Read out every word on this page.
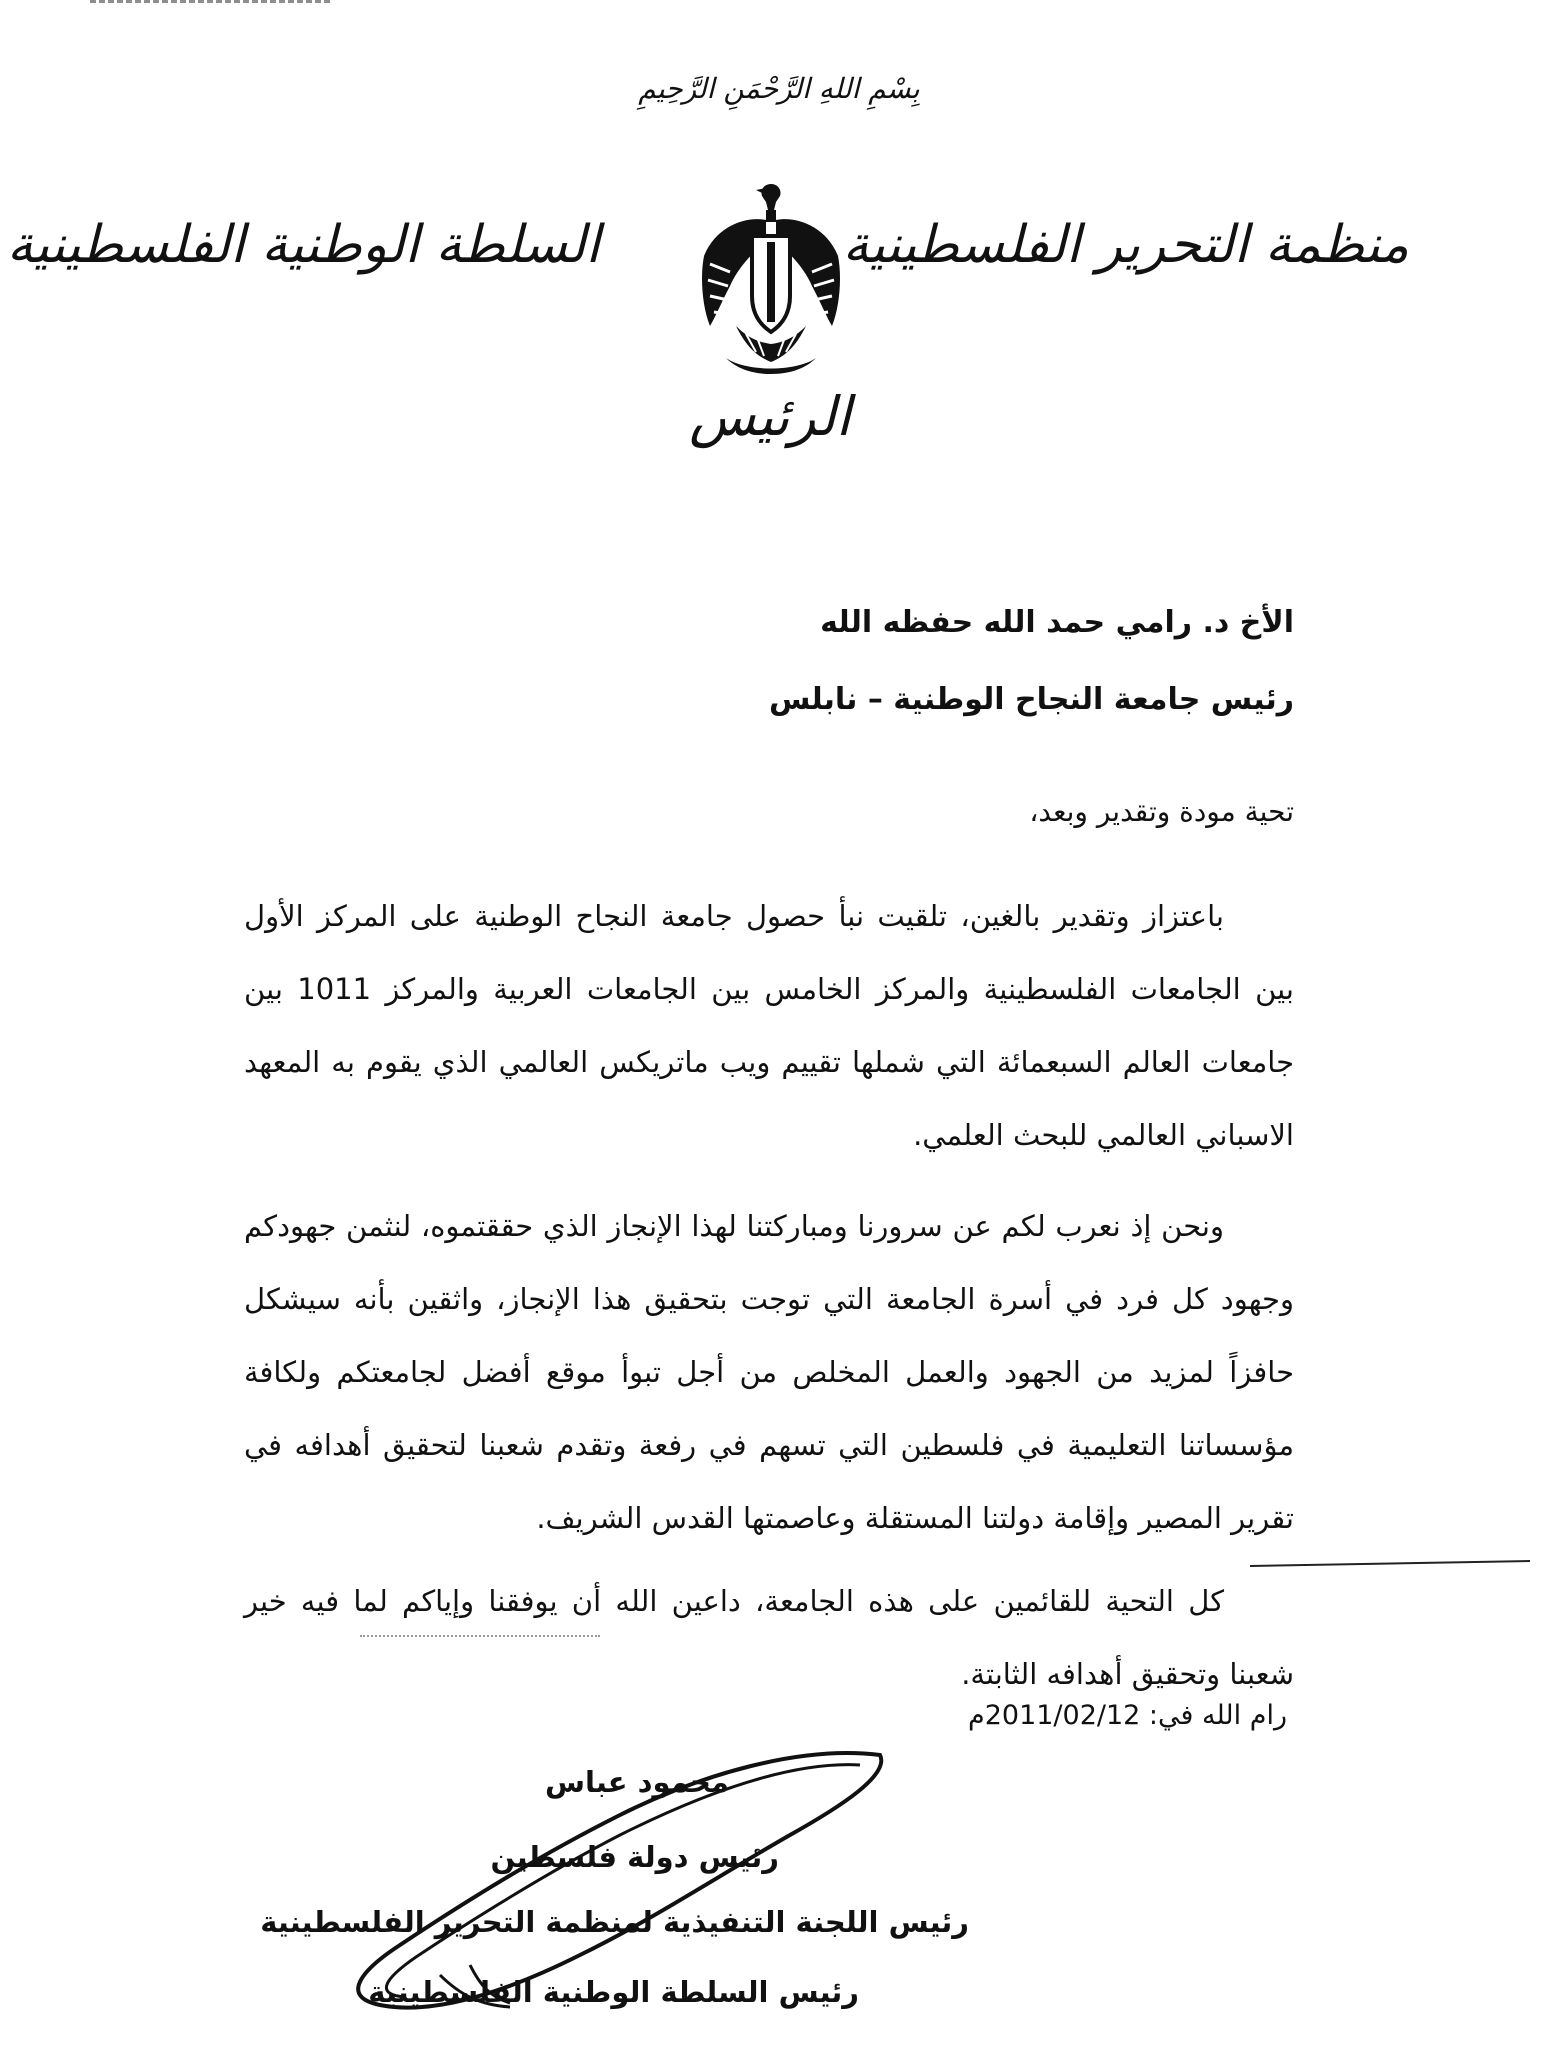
بِسْمِ اللهِ الرَّحْمَنِ الرَّحِيمِ
منظمة التحرير الفلسطينية
السلطة الوطنية الفلسطينية
الرئيس
الأخ د. رامي حمد الله حفظه الله
رئيس جامعة النجاح الوطنية – نابلس
تحية مودة وتقدير وبعد،
باعتزاز وتقدير بالغين، تلقيت نبأ حصول جامعة النجاح الوطنية على المركز الأول بين الجامعات الفلسطينية والمركز الخامس بين الجامعات العربية والمركز 1011 بين جامعات العالم السبعمائة التي شملها تقييم ويب ماتريكس العالمي الذي يقوم به المعهد الاسباني العالمي للبحث العلمي.
ونحن إذ نعرب لكم عن سرورنا ومباركتنا لهذا الإنجاز الذي حققتموه، لنثمن جهودكم وجهود كل فرد في أسرة الجامعة التي توجت بتحقيق هذا الإنجاز، واثقين بأنه سيشكل حافزاً لمزيد من الجهود والعمل المخلص من أجل تبوأ موقع أفضل لجامعتكم ولكافة مؤسساتنا التعليمية في فلسطين التي تسهم في رفعة وتقدم شعبنا لتحقيق أهدافه في تقرير المصير وإقامة دولتنا المستقلة وعاصمتها القدس الشريف.
كل التحية للقائمين على هذه الجامعة، داعين الله أن يوفقنا وإياكم لما فيه خير شعبنا وتحقيق أهدافه الثابتة.
رام الله في: 2011/02/12م
محمود عباس
رئيس دولة فلسطين
رئيس اللجنة التنفيذية لمنظمة التحرير الفلسطينية
رئيس السلطة الوطنية الفلسطينية
